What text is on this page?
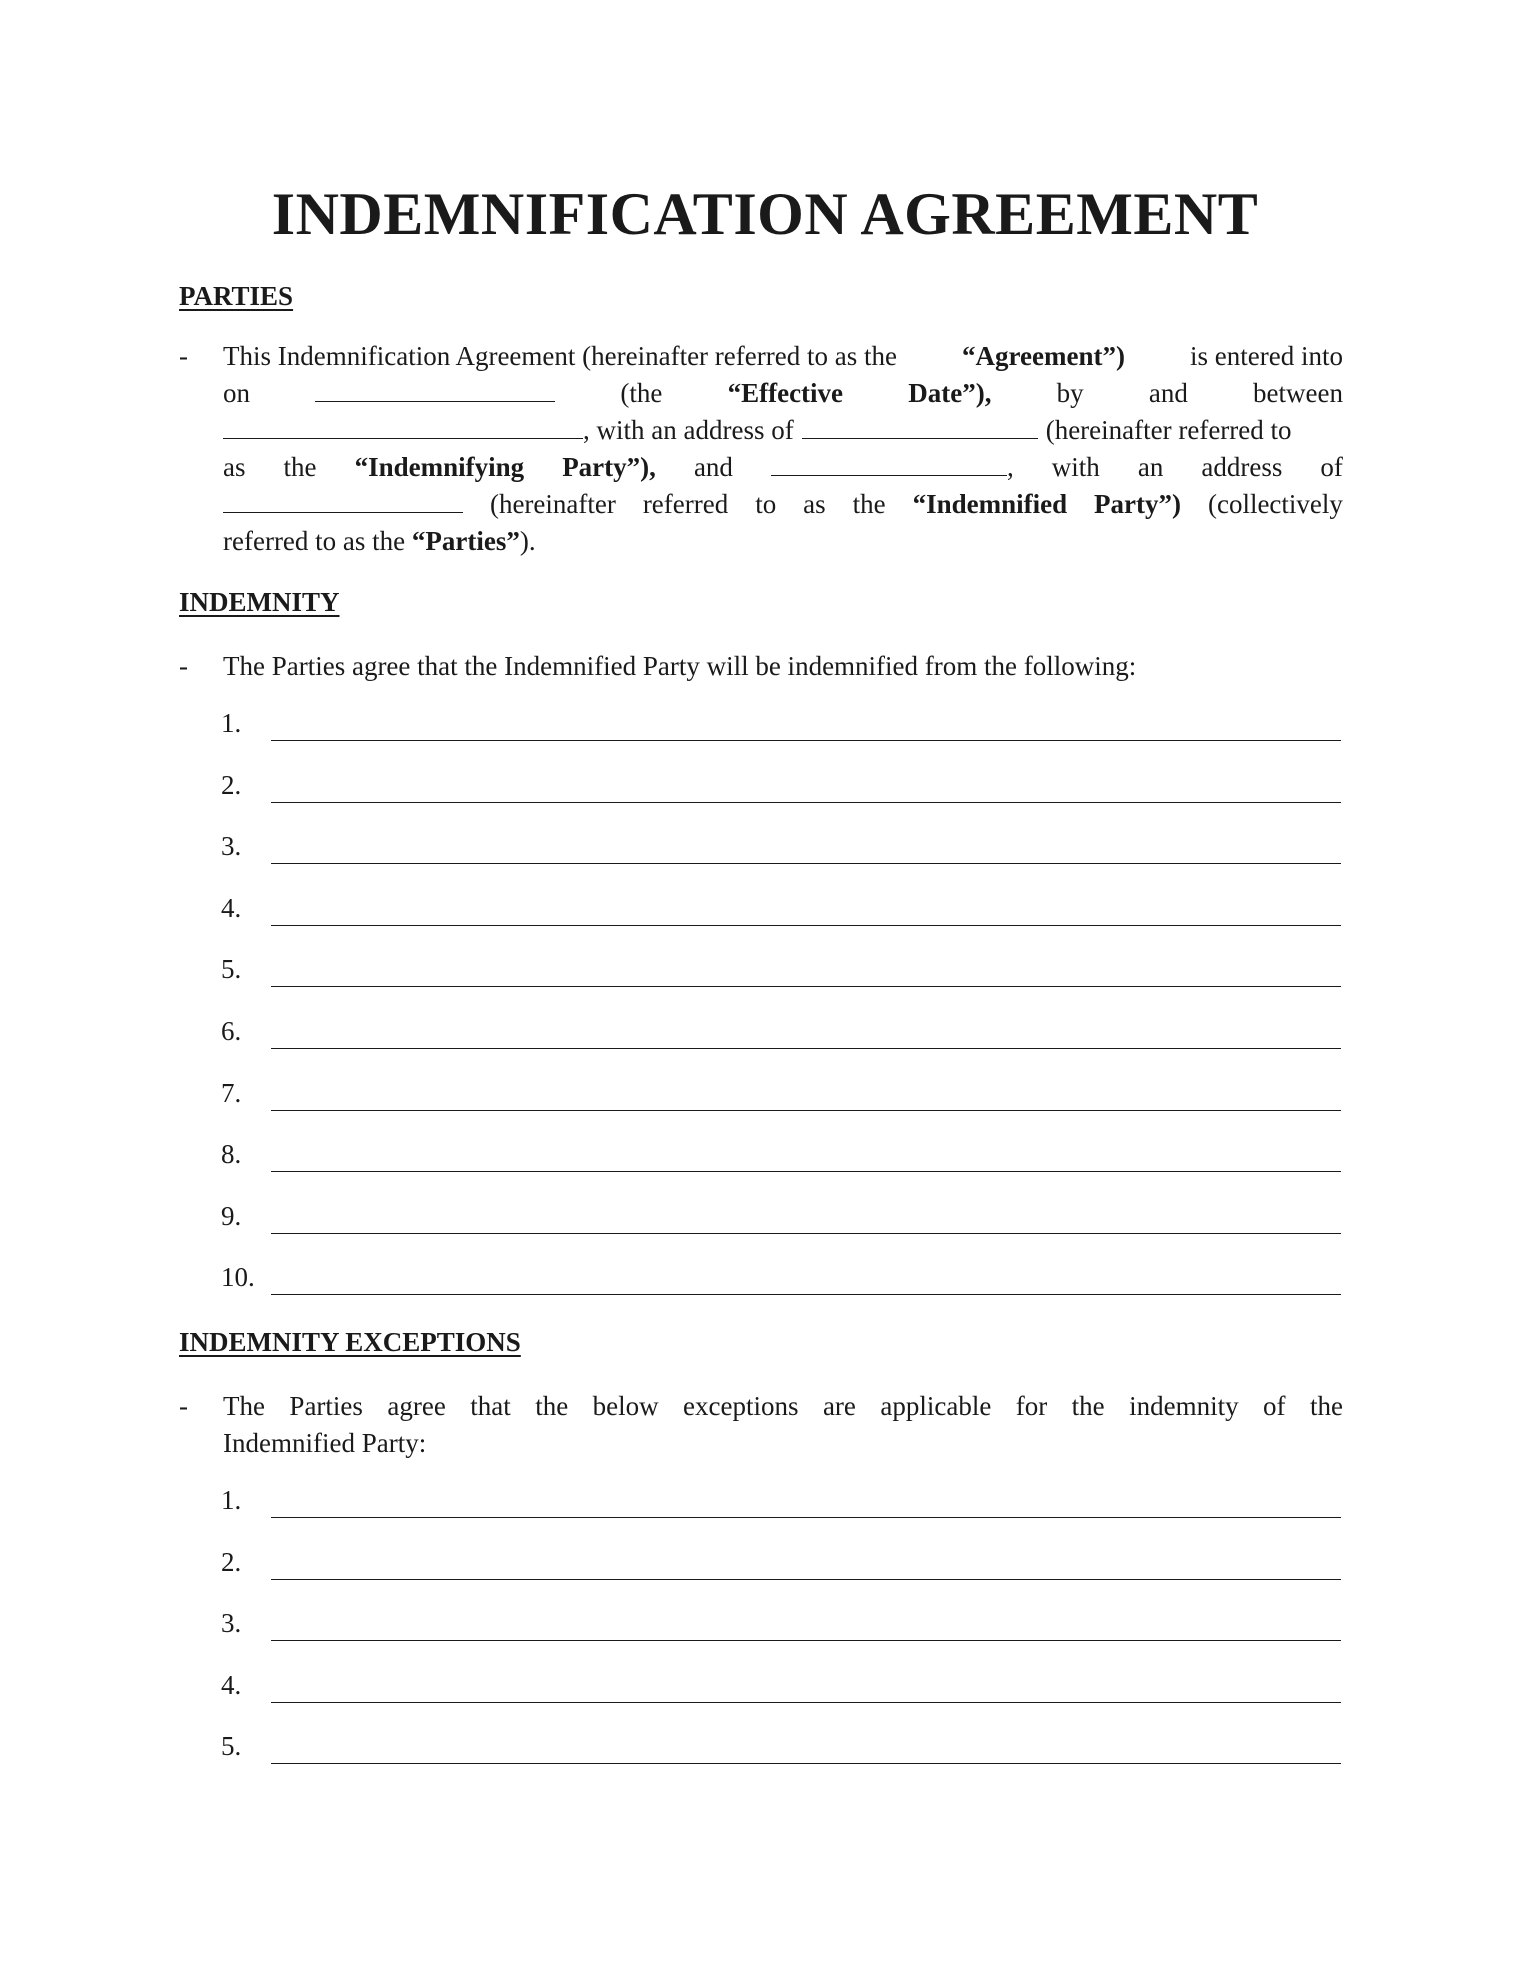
INDEMNIFICATION AGREEMENT
PARTIES
- This Indemnification Agreement (hereinafter referred to as the “Agreement”) is entered into
on	(the “Effective Date”), by and between
, with an address of	(hereinafter referred to
as the “Indemnifying Party”), and	, with an address of
(hereinafter referred to as the “Indemnified Party”) (collectively
referred to as the
“Parties” ).
INDEMNITY
- The Parties agree that the Indemnified Party will be indemnified from the following:
1.
2.
3.
4.
5.
6.
7.
8.
9.
10.
INDEMNITY EXCEPTIONS
- The Parties agree that the below exceptions are applicable for the indemnity of the
Indemnified Party:
1.
2.
3.
4.
5.
